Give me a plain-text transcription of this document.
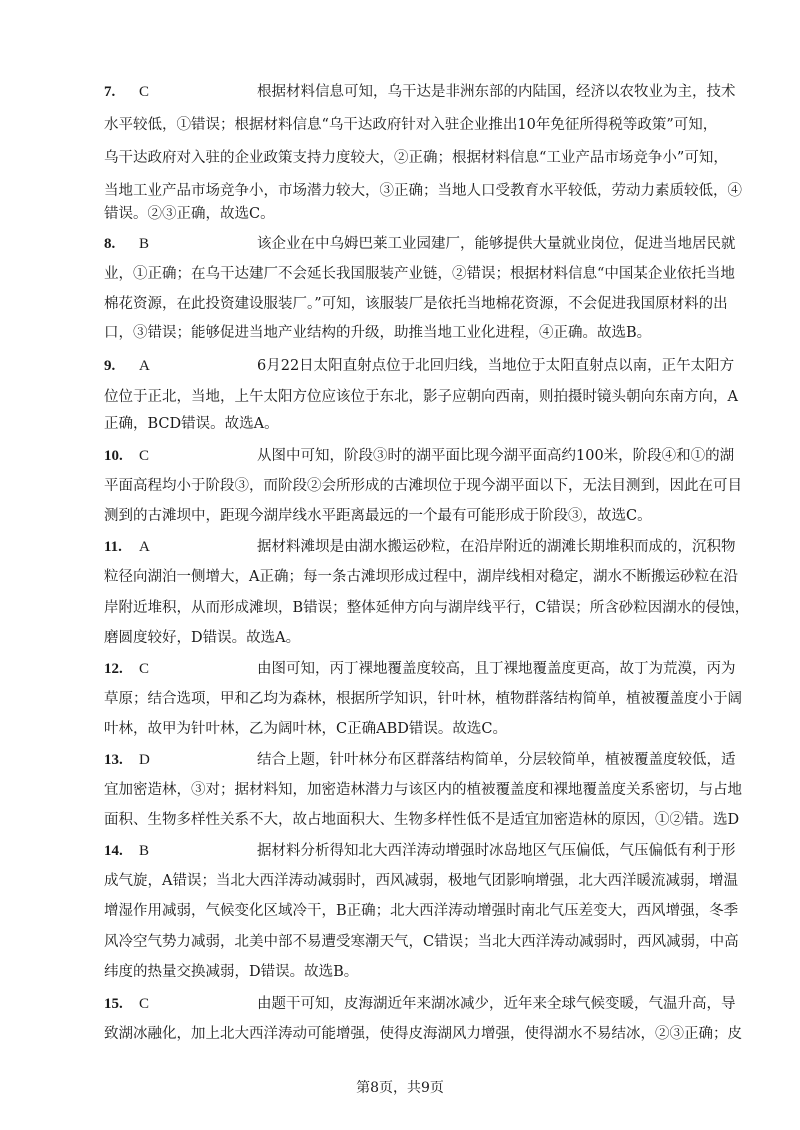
7. C	根据材料信息可知，乌干达是非洲东部的内陆国，经济以农牧业为主，技术
水平较低，①错误；根据材料信息“乌干达政府针对入驻企业推出10年免征所得税等政策”可知，
乌干达政府对入驻的企业政策支持力度较大，②正确；根据材料信息“工业产品市场竞争小”可知，
当地工业产品市场竞争小，市场潜力较大，③正确；当地人口受教育水平较低，劳动力素质较低，④
错误。②③正确，故选C。
8. B	该企业在中乌姆巴莱工业园建厂，能够提供大量就业岗位，促进当地居民就
业，①正确；在乌干达建厂不会延长我国服装产业链，②错误；根据材料信息“中国某企业依托当地
棉花资源，在此投资建设服装厂。”可知，该服装厂是依托当地棉花资源，不会促进我国原材料的出
口，③错误；能够促进当地产业结构的升级，助推当地工业化进程，④正确。故选B。
9. A	6月22日太阳直射点位于北回归线，当地位于太阳直射点以南，正午太阳方
位位于正北，当地，上午太阳方位应该位于东北，影子应朝向西南，则拍摄时镜头朝向东南方向，A
正确，BCD错误。故选A。
10. C	从图中可知，阶段③时的湖平面比现今湖平面高约100米，阶段④和①的湖
平面高程均小于阶段③，而阶段②会所形成的古滩坝位于现今湖平面以下，无法目测到，因此在可目
测到的古滩坝中，距现今湖岸线水平距离最远的一个最有可能形成于阶段③，故选C。
11. A	据材料滩坝是由湖水搬运砂粒，在沿岸附近的湖滩长期堆积而成的，沉积物
粒径向湖泊一侧增大，A正确；每一条古滩坝形成过程中，湖岸线相对稳定，湖水不断搬运砂粒在沿
岸附近堆积，从而形成滩坝，B错误；整体延伸方向与湖岸线平行，C错误；所含砂粒因湖水的侵蚀，
磨圆度较好，D错误。故选A。
12. C	由图可知，丙丁裸地覆盖度较高，且丁裸地覆盖度更高，故丁为荒漠，丙为
草原；结合选项，甲和乙均为森林，根据所学知识，针叶林，植物群落结构简单，植被覆盖度小于阔
叶林，故甲为针叶林，乙为阔叶林，C正确ABD错误。故选C。
13. D	结合上题，针叶林分布区群落结构简单，分层较简单，植被覆盖度较低，适
宜加密造林，③对；据材料知，加密造林潜力与该区内的植被覆盖度和裸地覆盖度关系密切，与占地
面积、生物多样性关系不大，故占地面积大、生物多样性低不是适宜加密造林的原因，①②错。选D
14. B	据材料分析得知北大西洋涛动增强时冰岛地区气压偏低，气压偏低有利于形
成气旋，A错误；当北大西洋涛动减弱时，西风减弱，极地气团影响增强，北大西洋暖流减弱，增温
增湿作用减弱，气候变化区域冷干，B正确；北大西洋涛动增强时南北气压差变大，西风增强，冬季
风冷空气势力减弱，北美中部不易遭受寒潮天气，C错误；当北大西洋涛动减弱时，西风减弱，中高
纬度的热量交换减弱，D错误。故选B。
15. C	由题干可知，皮海湖近年来湖冰减少，近年来全球气候变暖，气温升高，导
致湖冰融化，加上北大西洋涛动可能增强，使得皮海湖风力增强，使得湖水不易结冰，②③正确；皮
第8页，共9页
